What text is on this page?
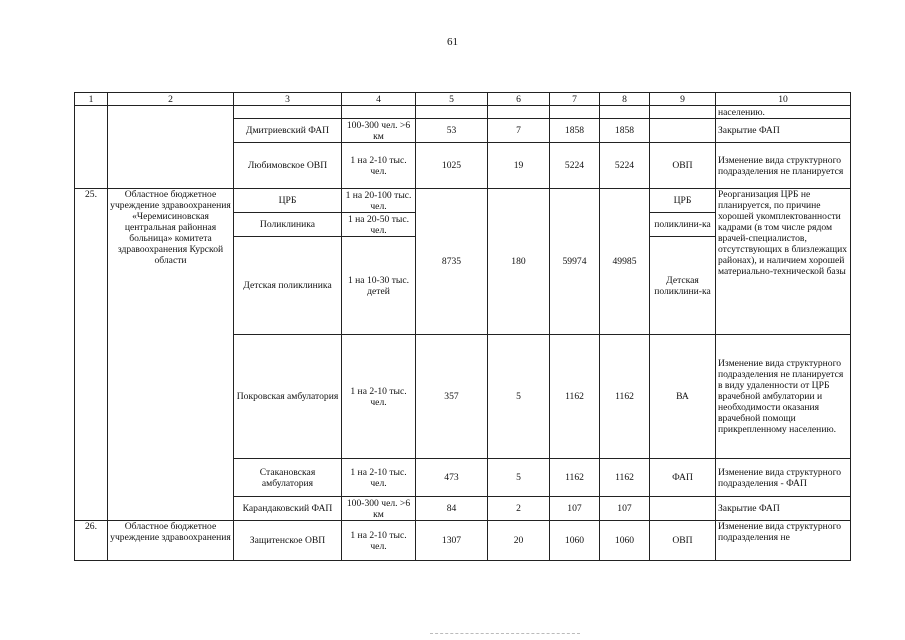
61
1	2	3	4	5	6	7	8	9	10
									населению.
		Дмитриевский ФАП	100-300 чел. >6 км	53	7	1858	1858		Закрытие ФАП
		Любимовское ОВП	1 на 2-10 тыс. чел.	1025	19	5224	5224	ОВП	Изменение вида структурного подразделения не планируется
25.	Областное бюджетное учреждение здравоохранения «Черемисиновская центральная районная больница» комитета здравоохранения Курской области	ЦРБ	1 на 20-100 тыс. чел.	8735	180	59974	49985	ЦРБ	Реорганизация ЦРБ не планируется, по причине хорошей укомплектованности кадрами (в том числе рядом врачей-специалистов, отсутствующих в близлежащих районах), и наличием хорошей материально-технической базы
		Поликлиника	1 на 20-50 тыс. чел.					поликлини-ка	
		Детская поликлиника	1 на 10-30 тыс. детей					Детская поликлини-ка	
		Покровская амбулатория	1 на 2-10 тыс. чел.	357	5	1162	1162	ВА	Изменение вида структурного подразделения не планируется в виду удаленности от ЦРБ врачебной амбулатории и необходимости оказания врачебной помощи прикрепленному населению.
		Стакановская амбулатория	1 на 2-10 тыс. чел.	473	5	1162	1162	ФАП	Изменение вида структурного подразделения - ФАП
		Карандаковский ФАП	100-300 чел. >6 км	84	2	107	107		Закрытие ФАП
26.	Областное бюджетное учреждение здравоохранения	Защитенское ОВП	1 на 2-10 тыс. чел.	1307	20	1060	1060	ОВП	Изменение вида структурного подразделения не
